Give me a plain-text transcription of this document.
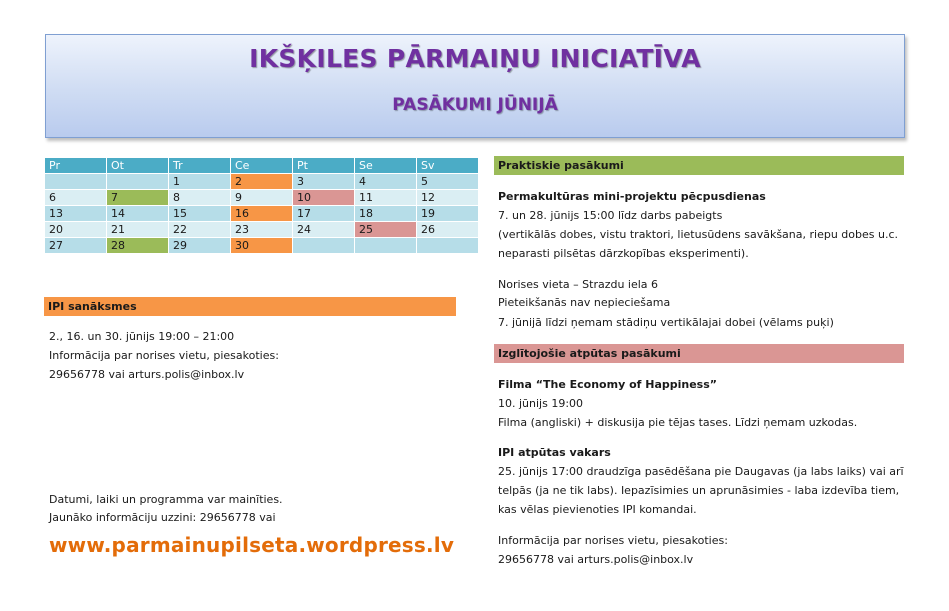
IKŠĶILES PĀRMAIŅU INICIATĪVA
PASĀKUMI JŪNIJĀ
Pr	Ot	Tr	Ce	Pt	Se	Sv
		1	2	3	4	5
6	7	8	9	10	11	12
13	14	15	16	17	18	19
20	21	22	23	24	25	26
27	28	29	30			
IPI sanāksmes
2., 16. un 30. jūnijs 19:00 – 21:00
Informācija par norises vietu, piesakoties:
29656778 vai arturs.polis@inbox.lv
Datumi, laiki un programma var mainīties.
Jaunāko informāciju uzzini: 29656778 vai
www.parmainupilseta.wordpress.lv
Praktiskie pasākumi
Permakultūras mini-projektu pēcpusdienas
7. un 28. jūnijs 15:00 līdz darbs pabeigts
(vertikālās dobes, vistu traktori, lietusūdens savākšana, riepu dobes u.c.
neparasti pilsētas dārzkopības eksperimenti).
Norises vieta – Strazdu iela 6
Pieteikšanās nav nepieciešama
7. jūnijā līdzi ņemam stādiņu vertikālajai dobei (vēlams puķi)
Izglītojošie atpūtas pasākumi
Filma “The Economy of Happiness”
10. jūnijs 19:00
Filma (angliski) + diskusija pie tējas tases. Līdzi ņemam uzkodas.
IPI atpūtas vakars
25. jūnijs 17:00 draudzīga pasēdēšana pie Daugavas (ja labs laiks) vai arī
telpās (ja ne tik labs). Iepazīsimies un aprunāsimies - laba izdevība tiem,
kas vēlas pievienoties IPI komandai.
Informācija par norises vietu, piesakoties:
29656778 vai arturs.polis@inbox.lv
